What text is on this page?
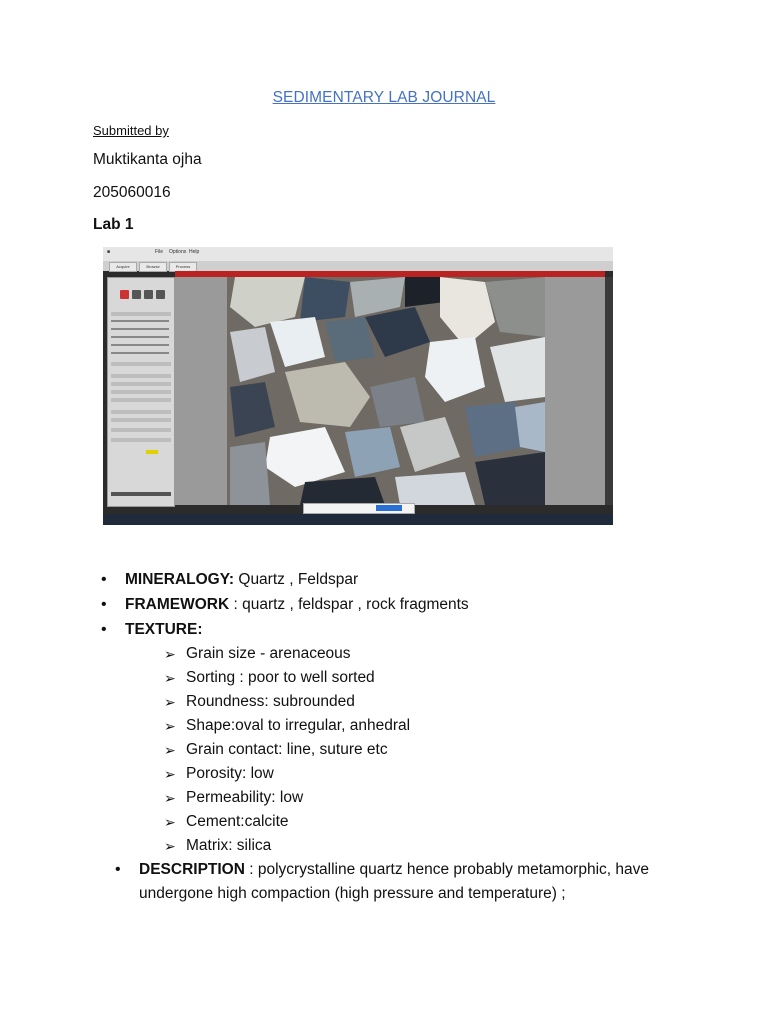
SEDIMENTARY LAB JOURNAL
Submitted by
Muktikanta ojha
205060016
Lab 1
■	File Options Help
Acquire	Browse	Process
• MINERALOGY: Quartz , Feldspar
• FRAMEWORK : quartz , feldspar , rock fragments
• TEXTURE:
➢ Grain size - arenaceous
➢ Sorting : poor to well sorted
➢ Roundness: subrounded
➢ Shape:oval to irregular, anhedral
➢ Grain contact: line, suture etc
➢ Porosity: low
➢ Permeability: low
➢ Cement:calcite
➢ Matrix: silica
• DESCRIPTION : polycrystalline quartz hence probably metamorphic, have undergone high compaction (high pressure and temperature) ;
